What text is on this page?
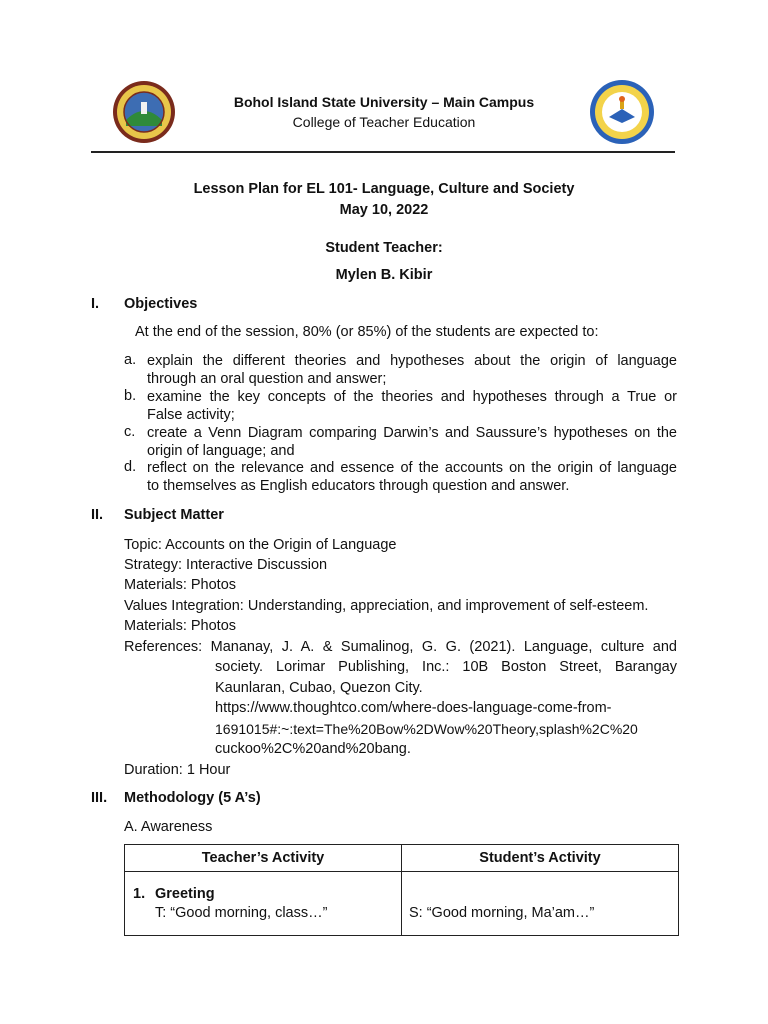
Bohol Island State University – Main Campus
College of Teacher Education
Lesson Plan for EL 101- Language, Culture and Society
May 10, 2022
Student Teacher:
Mylen B. Kibir
I. Objectives
At the end of the session, 80% (or 85%) of the students are expected to:
a. explain the different theories and hypotheses about the origin of language
through an oral question and answer;
b. examine the key concepts of the theories and hypotheses through a True or
False activity;
c. create a Venn Diagram comparing Darwin’s and Saussure’s hypotheses on the
origin of language; and
d. reflect on the relevance and essence of the accounts on the origin of language
to themselves as English educators through question and answer.
II. Subject Matter
Topic: Accounts on the Origin of Language
Strategy: Interactive Discussion
Materials: Photos
Values Integration: Understanding, appreciation, and improvement of self-esteem.
Materials: Photos
References: Mananay, J. A. & Sumalinog, G. G. (2021). Language, culture and
society. Lorimar Publishing, Inc.: 10B Boston Street, Barangay
Kaunlaran, Cubao, Quezon City.
https://www.thoughtco.com/where-does-language-come-from-
1691015#:~:text=The%20Bow%2DWow%20Theory,splash%2C%20
cuckoo%2C%20and%20bang.
Duration: 1 Hour
III. Methodology (5 A’s)
A. Awareness
Teacher’s Activity	Student’s Activity

1. Greeting
T: “Good morning, class…”	S: “Good morning, Ma’am…”
